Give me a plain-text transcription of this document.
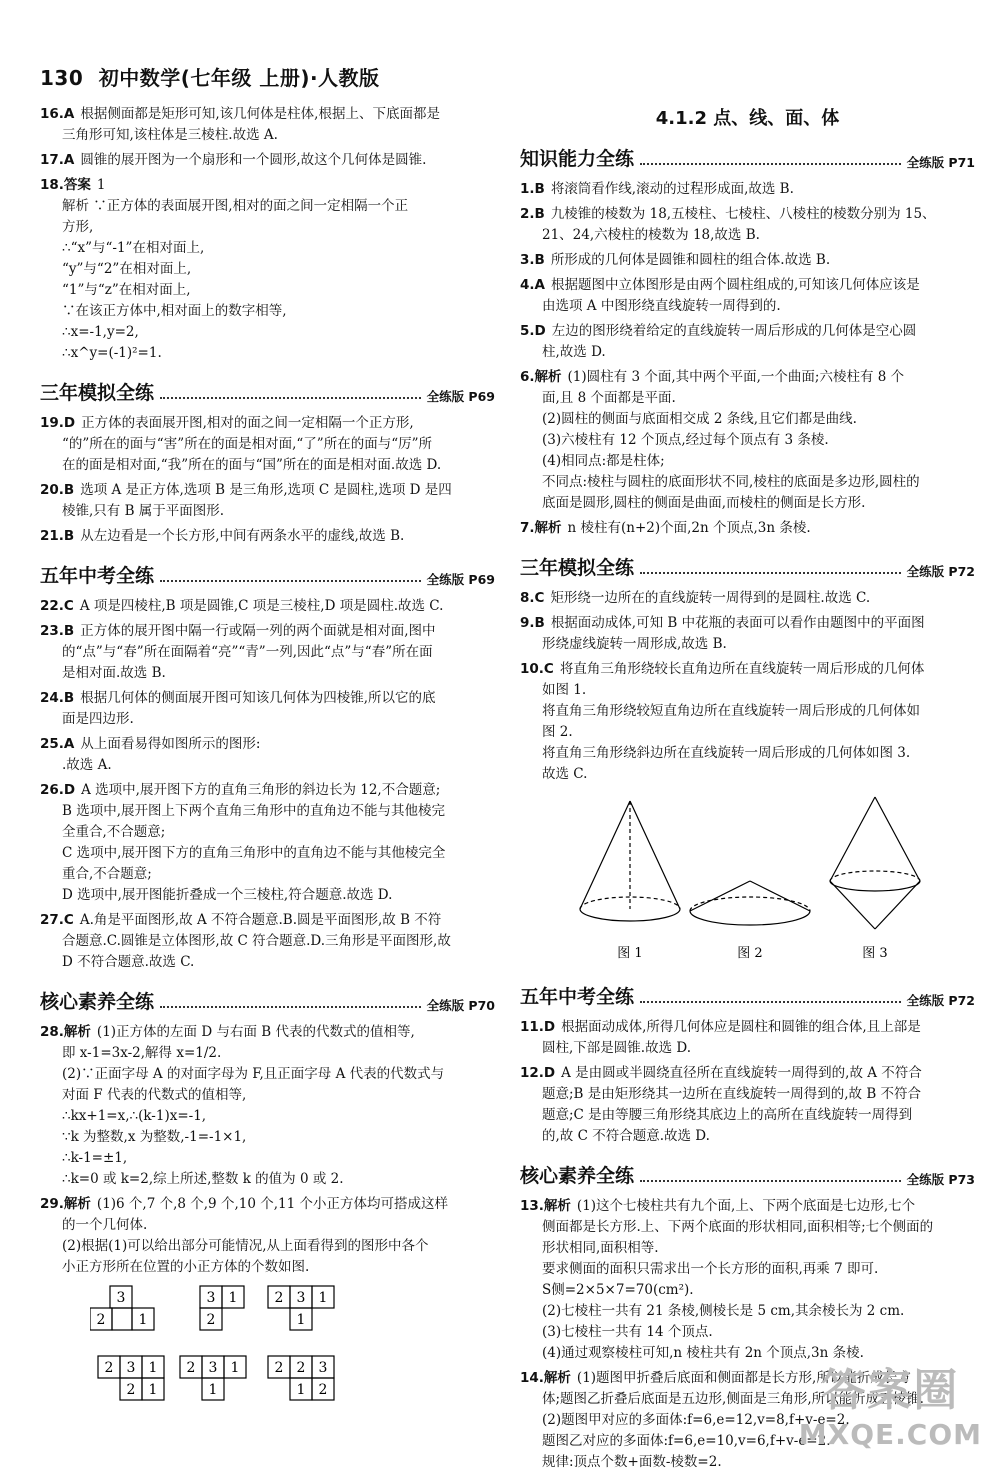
130 初中数学(七年级 上册)·人教版
16.A 根据侧面都是矩形可知,该几何体是柱体,根据上、下底面都是
三角形可知,该柱体是三棱柱.故选 A.
17.A 圆锥的展开图为一个扇形和一个圆形,故这个几何体是圆锥.
18.答案 1
解析 ∵正方体的表面展开图,相对的面之间一定相隔一个正
方形,
∴“x”与“-1”在相对面上,
“y”与“2”在相对面上,
“1”与“z”在相对面上,
∵在该正方体中,相对面上的数字相等,
∴x=-1,y=2,
∴x^y=(-1)²=1.
三年模拟全练	全练版 P69
19.D 正方体的表面展开图,相对的面之间一定相隔一个正方形,
“的”所在的面与“害”所在的面是相对面,“了”所在的面与“厉”所
在的面是相对面,“我”所在的面与“国”所在的面是相对面.故选 D.
20.B 选项 A 是正方体,选项 B 是三角形,选项 C 是圆柱,选项 D 是四
棱锥,只有 B 属于平面图形.
21.B 从左边看是一个长方形,中间有两条水平的虚线,故选 B.
五年中考全练	全练版 P69
22.C A 项是四棱柱,B 项是圆锥,C 项是三棱柱,D 项是圆柱.故选 C.
23.B 正方体的展开图中隔一行或隔一列的两个面就是相对面,图中
的“点”与“春”所在面隔着“亮”“青”一列,因此“点”与“春”所在面
是相对面.故选 B.
24.B 根据几何体的侧面展开图可知该几何体为四棱锥,所以它的底
面是四边形.
25.A 从上面看易得如图所示的图形:
.故选 A.
26.D A 选项中,展开图下方的直角三角形的斜边长为 12,不合题意;
B 选项中,展开图上下两个直角三角形中的直角边不能与其他棱完
全重合,不合题意;
C 选项中,展开图下方的直角三角形中的直角边不能与其他棱完全
重合,不合题意;
D 选项中,展开图能折叠成一个三棱柱,符合题意.故选 D.
27.C A.角是平面图形,故 A 不符合题意.B.圆是平面图形,故 B 不符
合题意.C.圆锥是立体图形,故 C 符合题意.D.三角形是平面图形,故
D 不符合题意.故选 C.
核心素养全练	全练版 P70
28.解析 (1)正方体的左面 D 与右面 B 代表的代数式的值相等,
即 x-1=3x-2,解得 x=1/2.
(2)∵正面字母 A 的对面字母为 F,且正面字母 A 代表的代数式与
对面 F 代表的代数式的值相等,
∴kx+1=x,∴(k-1)x=-1,
∵k 为整数,x 为整数,-1=-1×1,
∴k-1=±1,
∴k=0 或 k=2,综上所述,整数 k 的值为 0 或 2.
29.解析 (1)6 个,7 个,8 个,9 个,10 个,11 个小正方体均可搭成这样
的一个几何体.
(2)根据(1)可以给出部分可能情况,从上面看得到的图形中各个
小正方形所在位置的小正方体的个数如图.
3
2 1
3 1
2
2 3 1
1
2 3 1
2 1
2 3 1
1
2 2 3
1 2
4.1.2 点、线、面、体
知识能力全练	全练版 P71
1.B 将滚筒看作线,滚动的过程形成面,故选 B.
2.B 九棱锥的棱数为 18,五棱柱、七棱柱、八棱柱的棱数分别为 15、
21、24,六棱柱的棱数为 18,故选 B.
3.B 所形成的几何体是圆锥和圆柱的组合体.故选 B.
4.A 根据题图中立体图形是由两个圆柱组成的,可知该几何体应该是
由选项 A 中图形绕直线旋转一周得到的.
5.D 左边的图形绕着给定的直线旋转一周后形成的几何体是空心圆
柱,故选 D.
6.解析 (1)圆柱有 3 个面,其中两个平面,一个曲面;六棱柱有 8 个
面,且 8 个面都是平面.
(2)圆柱的侧面与底面相交成 2 条线,且它们都是曲线.
(3)六棱柱有 12 个顶点,经过每个顶点有 3 条棱.
(4)相同点:都是柱体;
不同点:棱柱与圆柱的底面形状不同,棱柱的底面是多边形,圆柱的
底面是圆形,圆柱的侧面是曲面,而棱柱的侧面是长方形.
7.解析 n 棱柱有(n+2)个面,2n 个顶点,3n 条棱.
三年模拟全练	全练版 P72
8.C 矩形绕一边所在的直线旋转一周得到的是圆柱.故选 C.
9.B 根据面动成体,可知 B 中花瓶的表面可以看作由题图中的平面图
形绕虚线旋转一周形成,故选 B.
10.C 将直角三角形绕较长直角边所在直线旋转一周后形成的几何体
如图 1.
将直角三角形绕较短直角边所在直线旋转一周后形成的几何体如
图 2.
将直角三角形绕斜边所在直线旋转一周后形成的几何体如图 3.
故选 C.
图 1	图 2	图 3
五年中考全练	全练版 P72
11.D 根据面动成体,所得几何体应是圆柱和圆锥的组合体,且上部是
圆柱,下部是圆锥.故选 D.
12.D A 是由圆或半圆绕直径所在直线旋转一周得到的,故 A 不符合
题意;B 是由矩形绕其一边所在直线旋转一周得到的,故 B 不符合
题意;C 是由等腰三角形绕其底边上的高所在直线旋转一周得到
的,故 C 不符合题意.故选 D.
核心素养全练	全练版 P73
13.解析 (1)这个七棱柱共有九个面,上、下两个底面是七边形,七个
侧面都是长方形.上、下两个底面的形状相同,面积相等;七个侧面的
形状相同,面积相等.
要求侧面的面积只需求出一个长方形的面积,再乘 7 即可.
S侧=2×5×7=70(cm²).
(2)七棱柱一共有 21 条棱,侧棱长是 5 cm,其余棱长为 2 cm.
(3)七棱柱一共有 14 个顶点.
(4)通过观察棱柱可知,n 棱柱共有 2n 个顶点,3n 条棱.
14.解析 (1)题图甲折叠后底面和侧面都是长方形,所以能折成长方
体;题图乙折叠后底面是五边形,侧面是三角形,所以能折成五棱锥.
(2)题图甲对应的多面体:f=6,e=12,v=8,f+v-e=2.
题图乙对应的多面体:f=6,e=10,v=6,f+v-e=2.
规律:顶点个数+面数-棱数=2.
答案圈
MXQE.COM
